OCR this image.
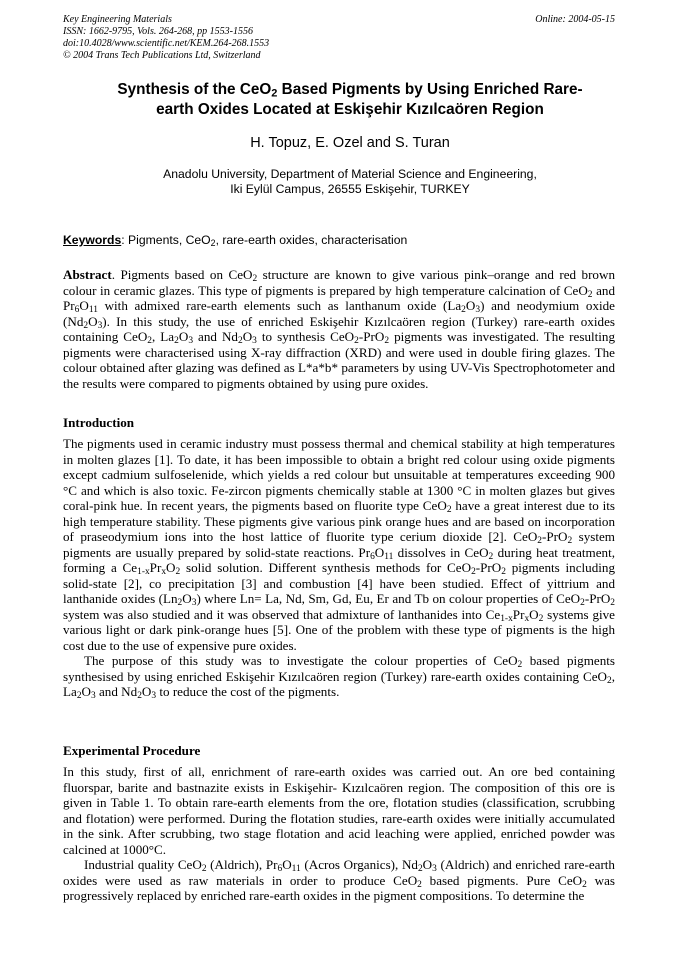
Key Engineering Materials
ISSN: 1662-9795, Vols. 264-268, pp 1553-1556
doi:10.4028/www.scientific.net/KEM.264-268.1553
© 2004 Trans Tech Publications Ltd, Switzerland
Online: 2004-05-15
Synthesis of the CeO$_2$ Based Pigments by Using Enriched Rare-earth Oxides Located at Eskişehir Kızılcaören Region
H. Topuz, E. Ozel and S. Turan
Anadolu University, Department of Material Science and Engineering,
Iki Eylül Campus, 26555 Eskişehir, TURKEY
Keywords: Pigments, CeO$_2$, rare-earth oxides, characterisation

Abstract. Pigments based on CeO$_2$ structure are known to give various pink–orange and red brown colour in ceramic glazes. This type of pigments is prepared by high temperature calcination of CeO$_2$ and $Pr_6O_{11}$ with admixed rare-earth elements such as lanthanum oxide $(La_2O_3)$ and neodymium oxide $(Nd_2O_3)$. In this study, the use of enriched Eskişehir Kızılcaören region (Turkey) rare-earth oxides containing CeO$_2$, $La_2O_3$ and $Nd_2O_3$ to synthesis CeO$_2$-PrO$_2$ pigments was investigated. The resulting pigments were characterised using X-ray diffraction (XRD) and were used in double firing glazes. The colour obtained after glazing was defined as L*a*b* parameters by using UV-Vis Spectrophotometer and the results were compared to pigments obtained by using pure oxides.

Introduction

The pigments used in ceramic industry must possess thermal and chemical stability at high temperatures in molten glazes [1]. To date, it has been impossible to obtain a bright red colour using oxide pigments except cadmium sulfoselenide, which yields a red colour but unsuitable at temperatures exceeding 900 °C and which is also toxic. Fe-zircon pigments chemically stable at 1300 °C in molten glazes but gives coral-pink hue. In recent years, the pigments based on fluorite type CeO$_2$ have a great interest due to its high temperature stability. These pigments give various pink orange hues and are based on incorporation of praseodymium ions into the host lattice of fluorite type cerium dioxide [2]. CeO$_2$-PrO$_2$ system pigments are usually prepared by solid-state reactions. $Pr_6O_{11}$ dissolves in CeO$_2$ during heat treatment, forming a $Ce_{1-x}Pr_xO_2$ solid solution. Different synthesis methods for CeO$_2$-PrO$_2$ pigments including solid-state [2], co precipitation [3] and combustion [4] have been studied. Effect of yittrium and lanthanide oxides $(Ln_2O_3)$ where Ln= La, Nd, Sm, Gd, Eu, Er and Tb on colour properties of CeO$_2$-PrO$_2$ system was also studied and it was observed that admixture of lanthanides into $Ce_{1-x}Pr_xO_2$ systems give various light or dark pink-orange hues [5]. One of the problem with these type of pigments is the high cost due to the use of expensive pure oxides.

The purpose of this study was to investigate the colour properties of CeO$_2$ based pigments synthesised by using enriched Eskişehir Kızılcaören region (Turkey) rare-earth oxides containing CeO$_2$, $La_2O_3$ and $Nd_2O_3$ to reduce the cost of the pigments.

Experimental Procedure

In this study, first of all, enrichment of rare-earth oxides was carried out. An ore bed containing fluorspar, barite and bastnazite exists in Eskişehir- Kızılcaören region. The composition of this ore is given in Table 1. To obtain rare-earth elements from the ore, flotation studies (classification, scrubbing and flotation) were performed. During the flotation studies, rare-earth oxides were initially accumulated in the sink. After scrubbing, two stage flotation and acid leaching were applied, enriched powder was calcined at 1000°C.

Industrial quality CeO$_2$ (Aldrich), $Pr_6O_{11}$ (Acros Organics), $Nd_2O_3$ (Aldrich) and enriched rare-earth oxides were used as raw materials in order to produce CeO$_2$ based pigments. Pure CeO$_2$ was progressively replaced by enriched rare-earth oxides in the pigment compositions. To determine the
